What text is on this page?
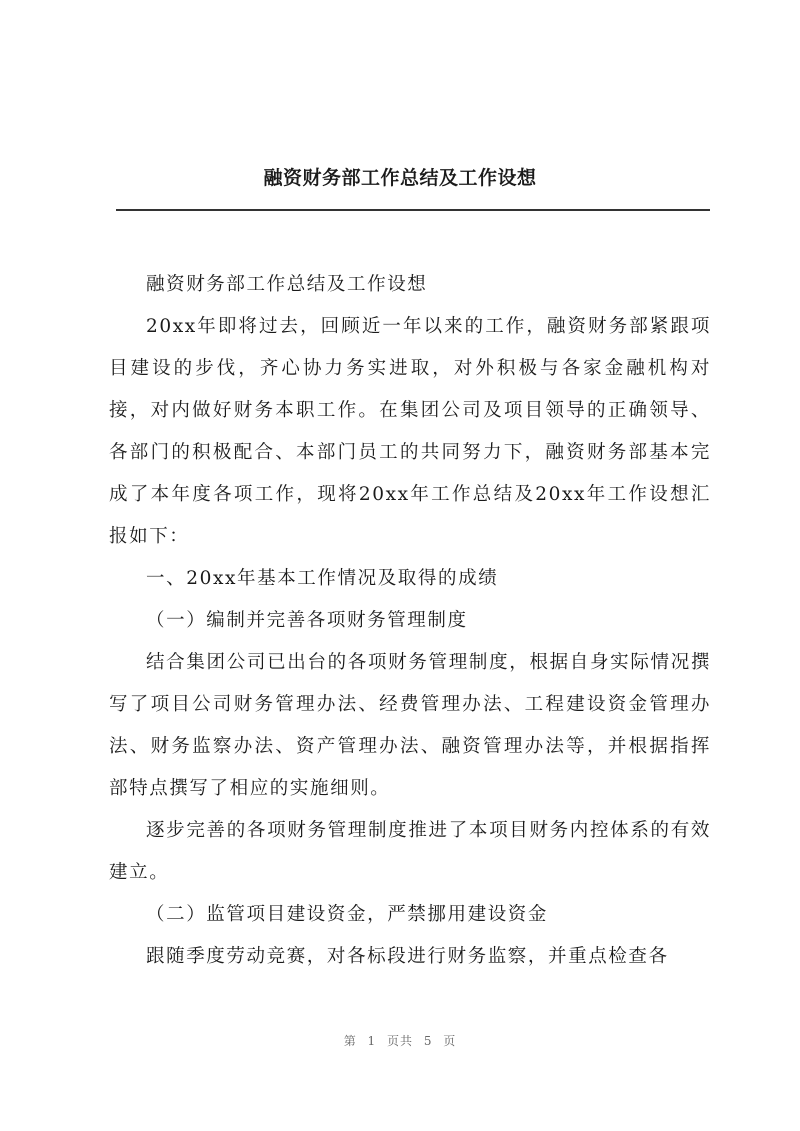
融资财务部工作总结及工作设想

融资财务部工作总结及工作设想

20xx年即将过去，回顾近一年以来的工作，融资财务部紧跟项目建设的步伐，齐心协力务实进取，对外积极与各家金融机构对接，对内做好财务本职工作。在集团公司及项目领导的正确领导、各部门的积极配合、本部门员工的共同努力下，融资财务部基本完成了本年度各项工作，现将20xx年工作总结及20xx年工作设想汇报如下：

一、20xx年基本工作情况及取得的成绩

（一）编制并完善各项财务管理制度

结合集团公司已出台的各项财务管理制度，根据自身实际情况撰写了项目公司财务管理办法、经费管理办法、工程建设资金管理办法、财务监察办法、资产管理办法、融资管理办法等，并根据指挥部特点撰写了相应的实施细则。

逐步完善的各项财务管理制度推进了本项目财务内控体系的有效建立。

（二）监管项目建设资金，严禁挪用建设资金

跟随季度劳动竞赛，对各标段进行财务监察，并重点检查各

第 1 页共 5 页
